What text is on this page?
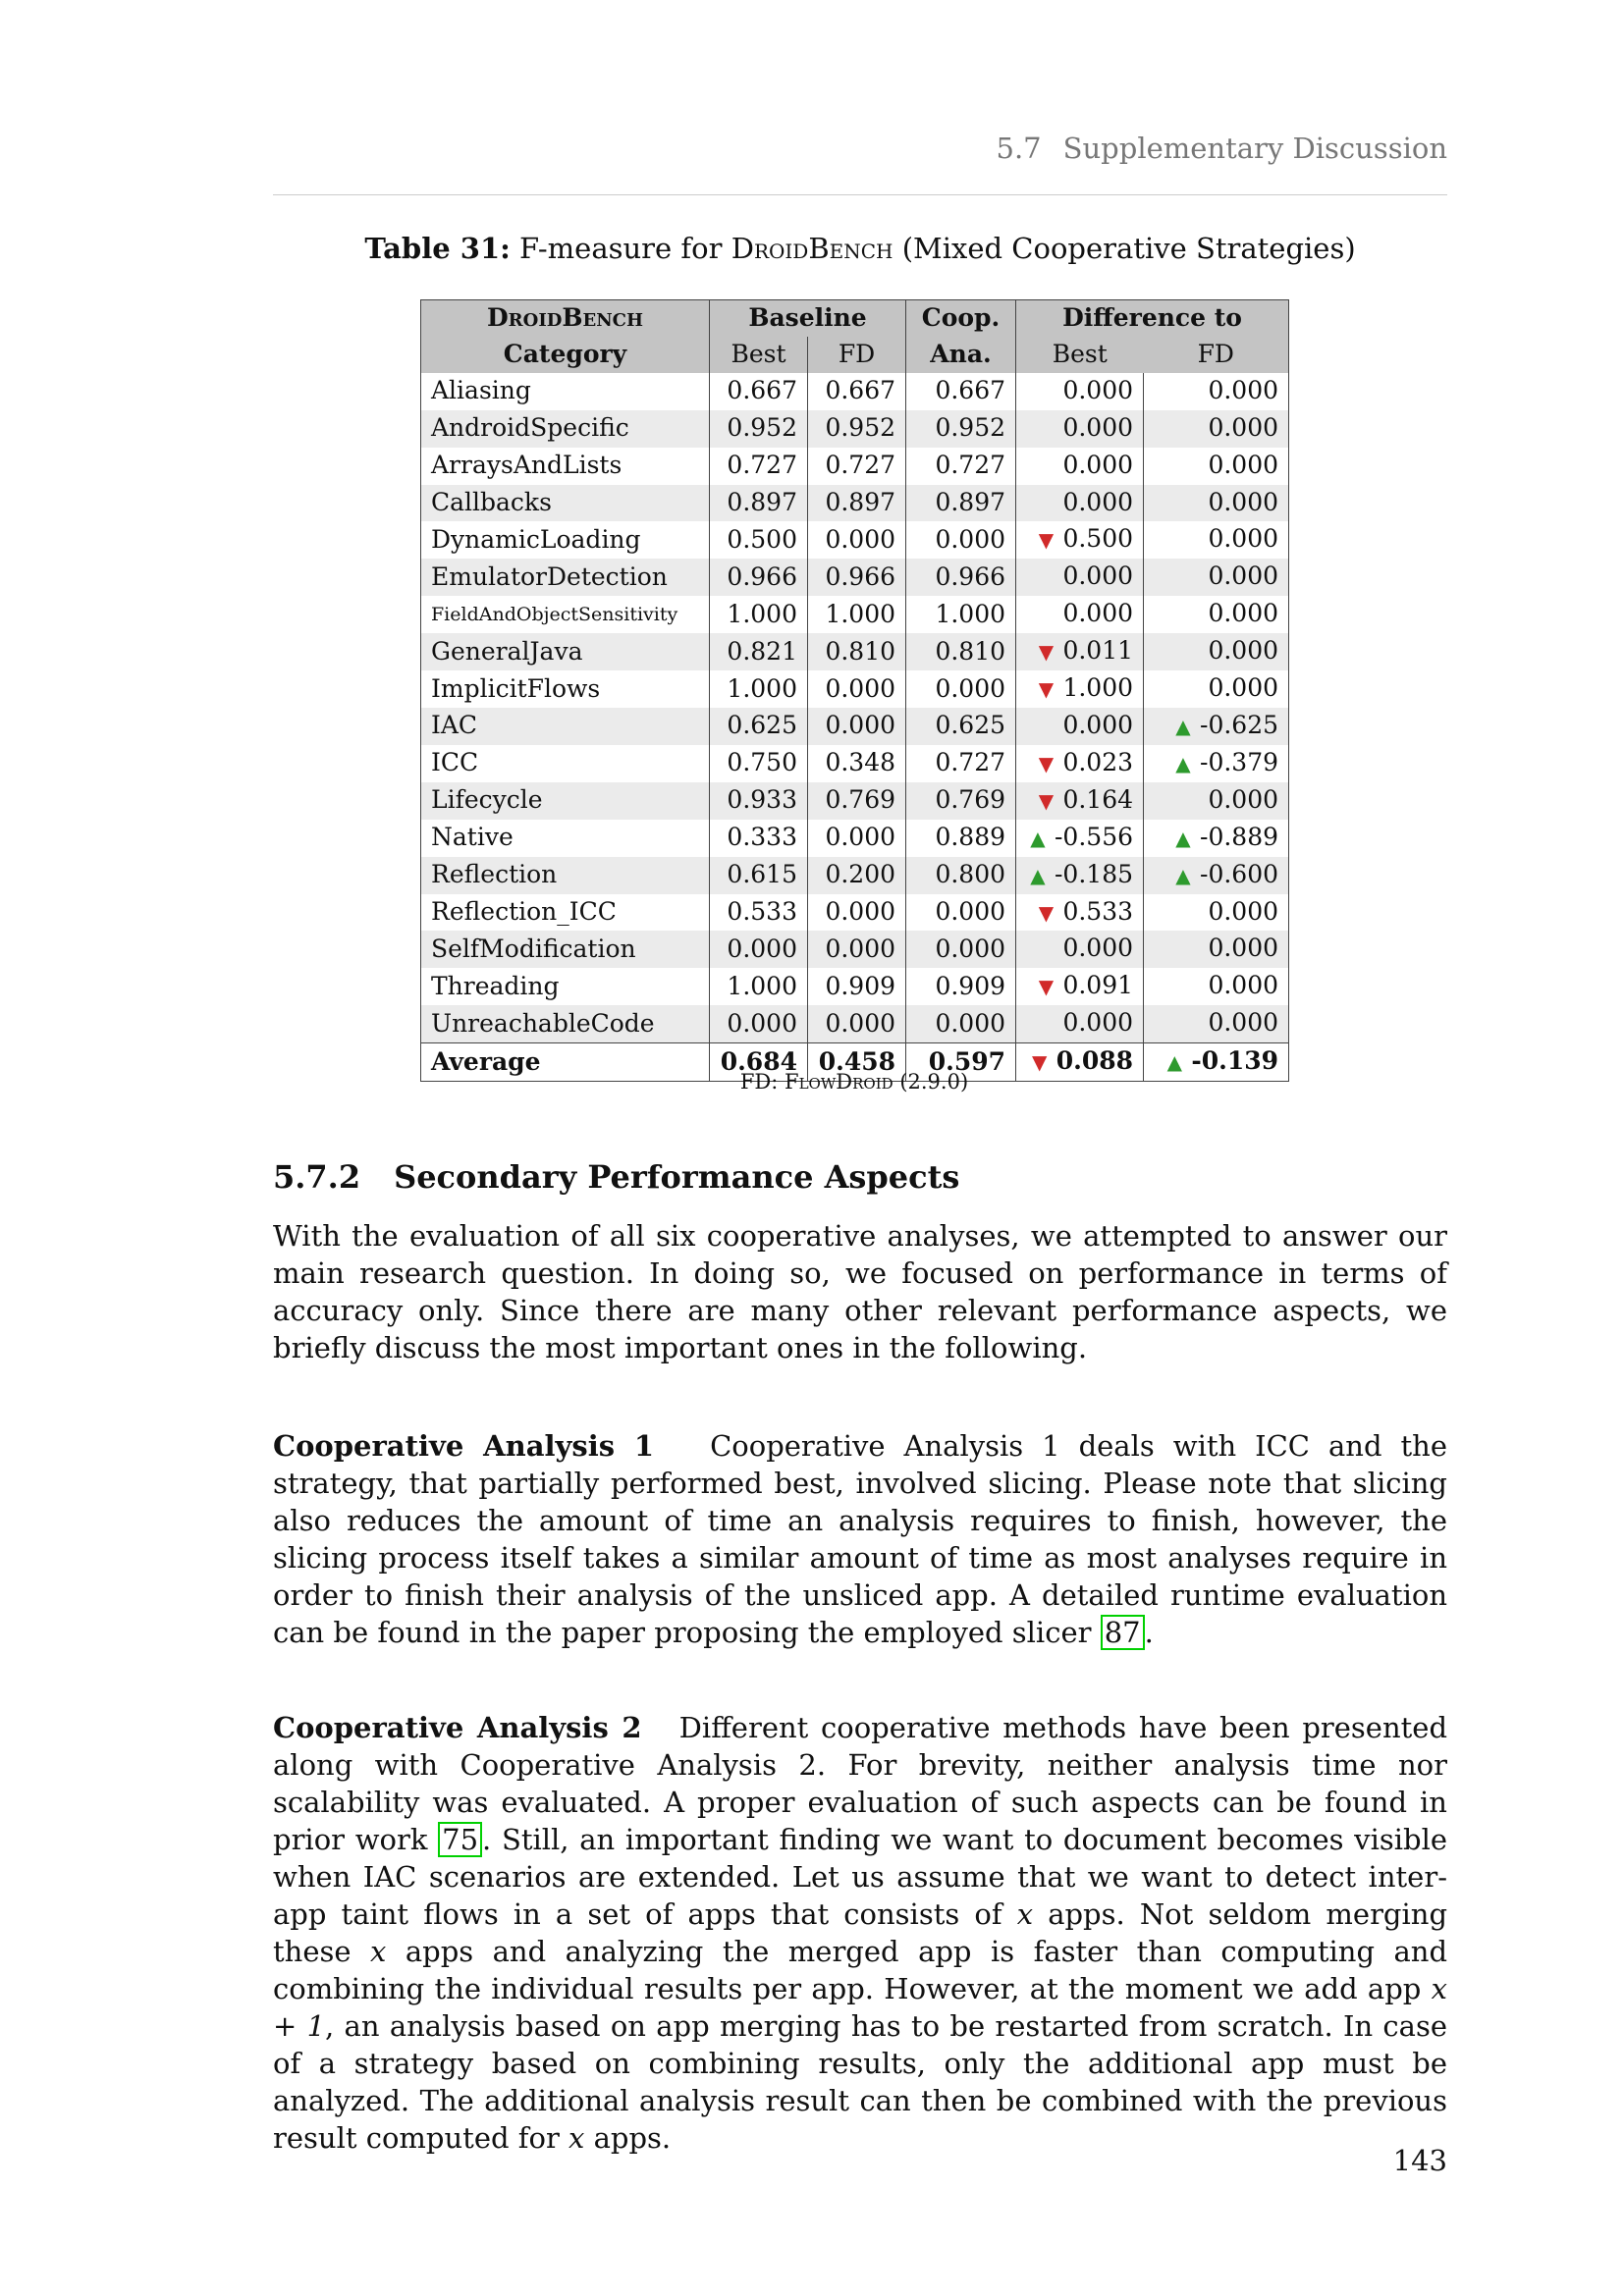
5.7 Supplementary Discussion
Table 31: F-measure for DroidBench (Mixed Cooperative Strategies)
DroidBench	Baseline		Coop.	Difference to	
Category	Best	FD	Ana.	Best	FD
Aliasing	0.667	0.667	0.667	0.000	0.000
AndroidSpecific	0.952	0.952	0.952	0.000	0.000
ArraysAndLists	0.727	0.727	0.727	0.000	0.000
Callbacks	0.897	0.897	0.897	0.000	0.000
DynamicLoading	0.500	0.000	0.000	▼ 0.500	0.000
EmulatorDetection	0.966	0.966	0.966	0.000	0.000
FieldAndObjectSensitivity	1.000	1.000	1.000	0.000	0.000
GeneralJava	0.821	0.810	0.810	▼ 0.011	0.000
ImplicitFlows	1.000	0.000	0.000	▼ 1.000	0.000
IAC	0.625	0.000	0.625	0.000	▲ -0.625
ICC	0.750	0.348	0.727	▼ 0.023	▲ -0.379
Lifecycle	0.933	0.769	0.769	▼ 0.164	0.000
Native	0.333	0.000	0.889	▲ -0.556	▲ -0.889
Reflection	0.615	0.200	0.800	▲ -0.185	▲ -0.600
Reflection_ICC	0.533	0.000	0.000	▼ 0.533	0.000
SelfModification	0.000	0.000	0.000	0.000	0.000
Threading	1.000	0.909	0.909	▼ 0.091	0.000
UnreachableCode	0.000	0.000	0.000	0.000	0.000
Average	0.684	0.458	0.597	▼ 0.088	▲ -0.139
FD: FlowDroid (2.9.0)
5.7.2 Secondary Performance Aspects

With the evaluation of all six cooperative analyses, we attempted to answer our main research question. In doing so, we focused on performance in terms of accuracy only. Since there are many other relevant performance aspects, we briefly discuss the most important ones in the following.

Cooperative Analysis 1 Cooperative Analysis 1 deals with ICC and the strategy, that partially performed best, involved slicing. Please note that slicing also reduces the amount of time an analysis requires to finish, however, the slicing process itself takes a similar amount of time as most analyses require in order to finish their analysis of the unsliced app. A detailed runtime evaluation can be found in the paper proposing the employed slicer 87 .

Cooperative Analysis 2 Different cooperative methods have been presented along with Cooperative Analysis 2. For brevity, neither analysis time nor scalability was evaluated. A proper evaluation of such aspects can be found in prior work 75 . Still, an important finding we want to document becomes visible when IAC scenarios are extended. Let us assume that we want to detect inter-app taint flows in a set of apps that consists of x apps. Not seldom merging these x apps and analyzing the merged app is faster than computing and combining the individual results per app. However, at the moment we add app x + 1, an analysis based on app merging has to be restarted from scratch. In case of a strategy based on combining results, only the additional app must be analyzed. The additional analysis result can then be combined with the previous result computed for x apps.

143
